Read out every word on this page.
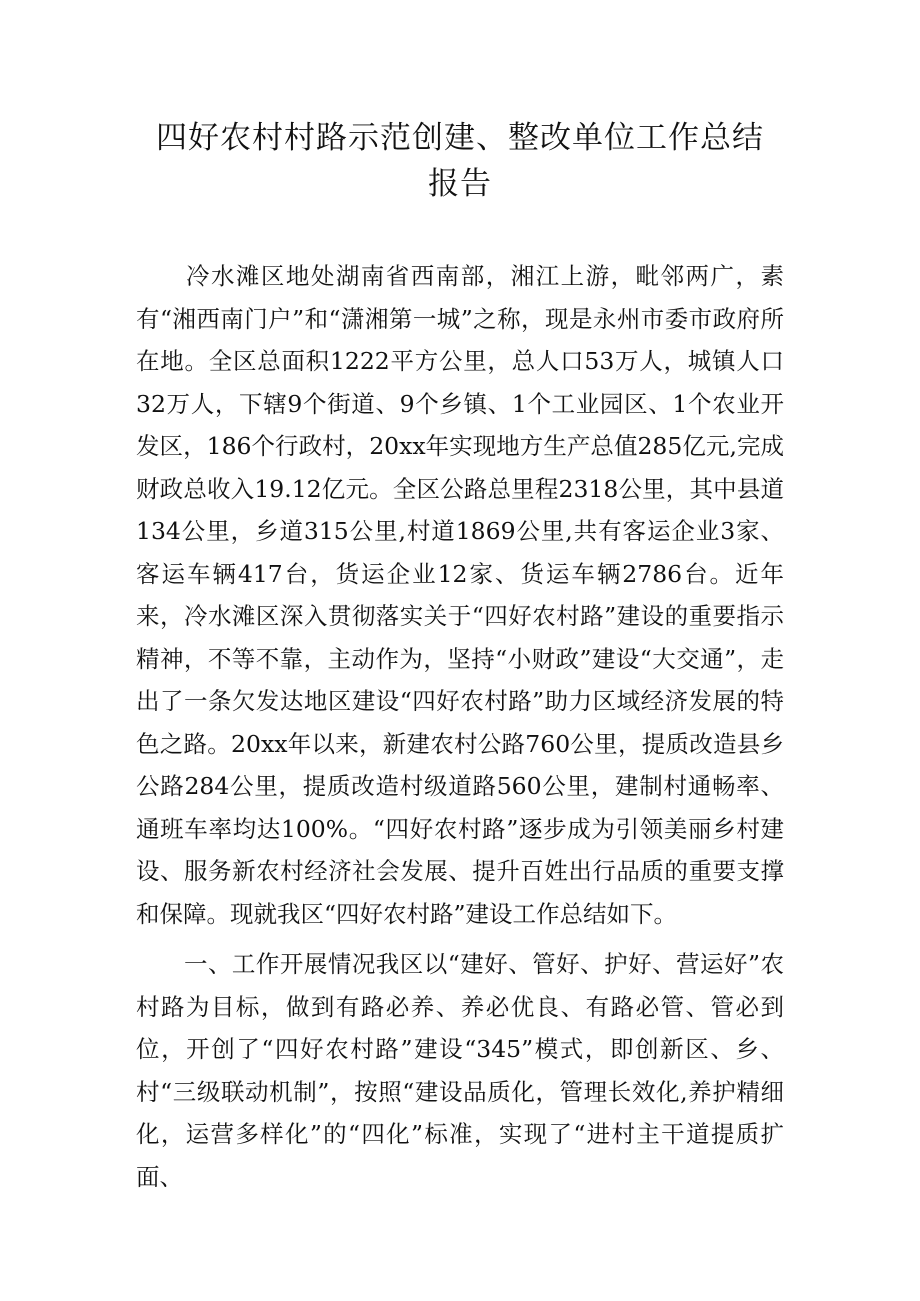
四好农村村路示范创建、整改单位工作总结
报告

　　冷水滩区地处湖南省西南部，湘江上游，毗邻两广，素有“湘西南门户”和“潇湘第一城”之称，现是永州市委市政府所在地。全区总面积1222平方公里，总人口53万人，城镇人口32万人，下辖9个街道、9个乡镇、1个工业园区、1个农业开发区，186个行政村，20xx年实现地方生产总值285亿元,完成财政总收入19.12亿元。全区公路总里程2318公里，其中县道134公里，乡道315公里,村道1869公里,共有客运企业3家、客运车辆417台，货运企业12家、货运车辆2786台。近年来，冷水滩区深入贯彻落实关于“四好农村路”建设的重要指示精神，不等不靠，主动作为，坚持“小财政”建设“大交通”，走出了一条欠发达地区建设“四好农村路”助力区域经济发展的特色之路。20xx年以来，新建农村公路760公里，提质改造县乡公路284公里，提质改造村级道路560公里，建制村通畅率、通班车率均达100%。“四好农村路”逐步成为引领美丽乡村建设、服务新农村经济社会发展、提升百姓出行品质的重要支撑和保障。现就我区“四好农村路”建设工作总结如下。

　　一、工作开展情况我区以“建好、管好、护好、营运好”农村路为目标，做到有路必养、养必优良、有路必管、管必到位，开创了“四好农村路”建设“345”模式，即创新区、乡、村“三级联动机制”，按照“建设品质化，管理长效化,养护精细化，运营多样化”的“四化”标准，实现了“进村主干道提质扩面、
